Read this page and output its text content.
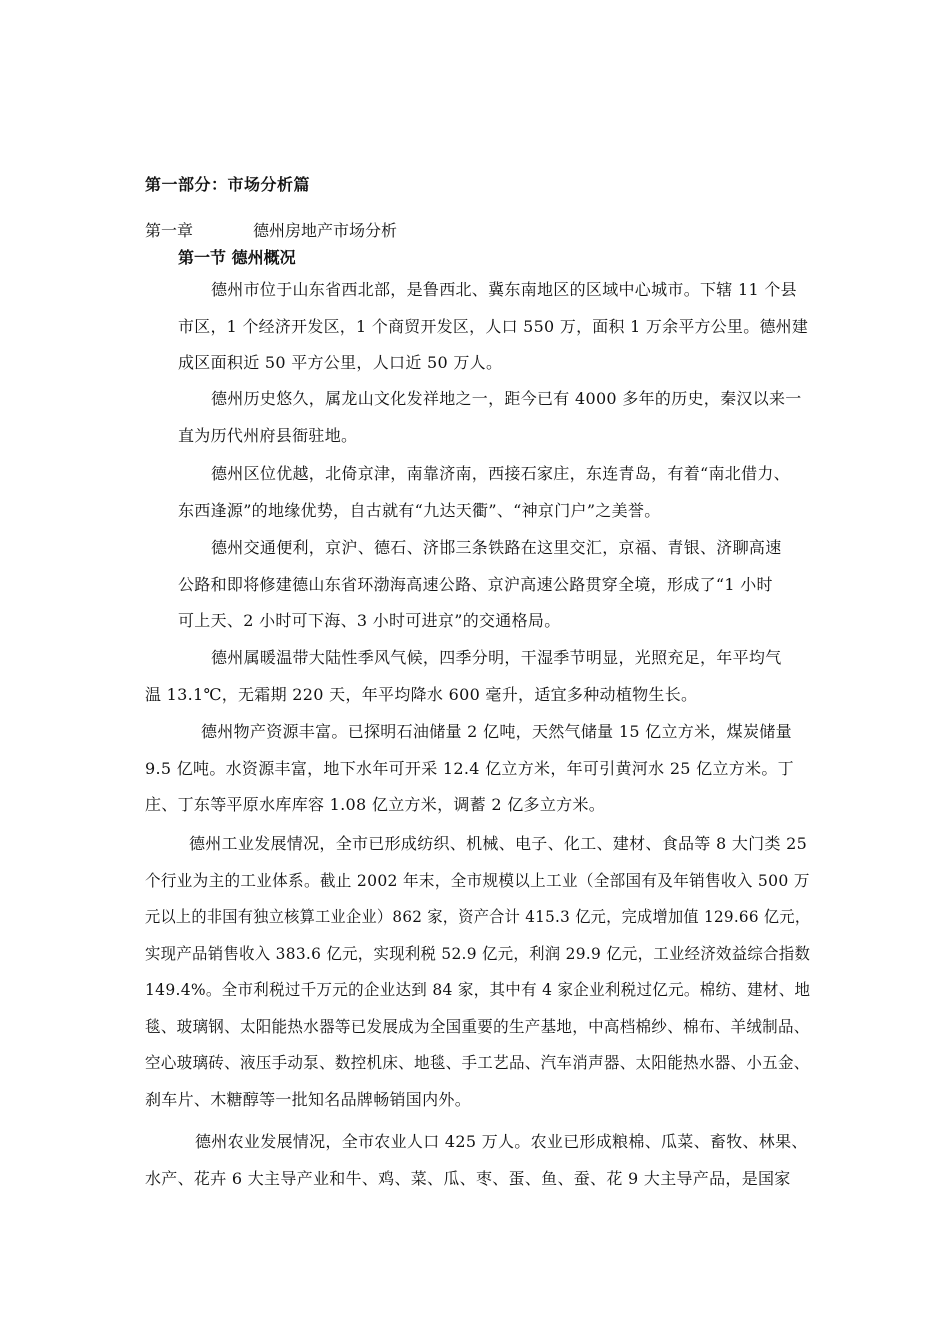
第一部分：市场分析篇
第一章	德州房地产市场分析
第一节 德州概况
德州市位于山东省西北部，是鲁西北、冀东南地区的区域中心城市。下辖 11 个县
市区，1 个经济开发区，1 个商贸开发区，人口 550 万，面积 1 万余平方公里。德州建
成区面积近 50 平方公里，人口近 50 万人。
德州历史悠久，属龙山文化发祥地之一，距今已有 4000 多年的历史，秦汉以来一
直为历代州府县衙驻地。
德州区位优越，北倚京津，南靠济南，西接石家庄，东连青岛，有着“南北借力、
东西逢源”的地缘优势，自古就有“九达天衢”、“神京门户”之美誉。
德州交通便利，京沪、德石、济邯三条铁路在这里交汇，京福、青银、济聊高速
公路和即将修建德山东省环渤海高速公路、京沪高速公路贯穿全境，形成了“1 小时
可上天、2 小时可下海、3 小时可进京”的交通格局。
德州属暖温带大陆性季风气候，四季分明，干湿季节明显，光照充足，年平均气
温 13.1℃，无霜期 220 天，年平均降水 600 毫升，适宜多种动植物生长。
德州物产资源丰富。已探明石油储量 2 亿吨，天然气储量 15 亿立方米，煤炭储量
9.5 亿吨。水资源丰富，地下水年可开采 12.4 亿立方米，年可引黄河水 25 亿立方米。丁
庄、丁东等平原水库库容 1.08 亿立方米，调蓄 2 亿多立方米。
德州工业发展情况，全市已形成纺织、机械、电子、化工、建材、食品等 8 大门类 25
个行业为主的工业体系。截止 2002 年末，全市规模以上工业（全部国有及年销售收入 500 万
元以上的非国有独立核算工业企业）862 家，资产合计 415.3 亿元，完成增加值 129.66 亿元，
实现产品销售收入 383.6 亿元，实现利税 52.9 亿元，利润 29.9 亿元，工业经济效益综合指数
149.4%。全市利税过千万元的企业达到 84 家，其中有 4 家企业利税过亿元。棉纺、建材、地
毯、玻璃钢、太阳能热水器等已发展成为全国重要的生产基地，中高档棉纱、棉布、羊绒制品、
空心玻璃砖、液压手动泵、数控机床、地毯、手工艺品、汽车消声器、太阳能热水器、小五金、
刹车片、木糖醇等一批知名品牌畅销国内外。
德州农业发展情况，全市农业人口 425 万人。农业已形成粮棉、瓜菜、畜牧、林果、
水产、花卉 6 大主导产业和牛、鸡、菜、瓜、枣、蛋、鱼、蚕、花 9 大主导产品，是国家
